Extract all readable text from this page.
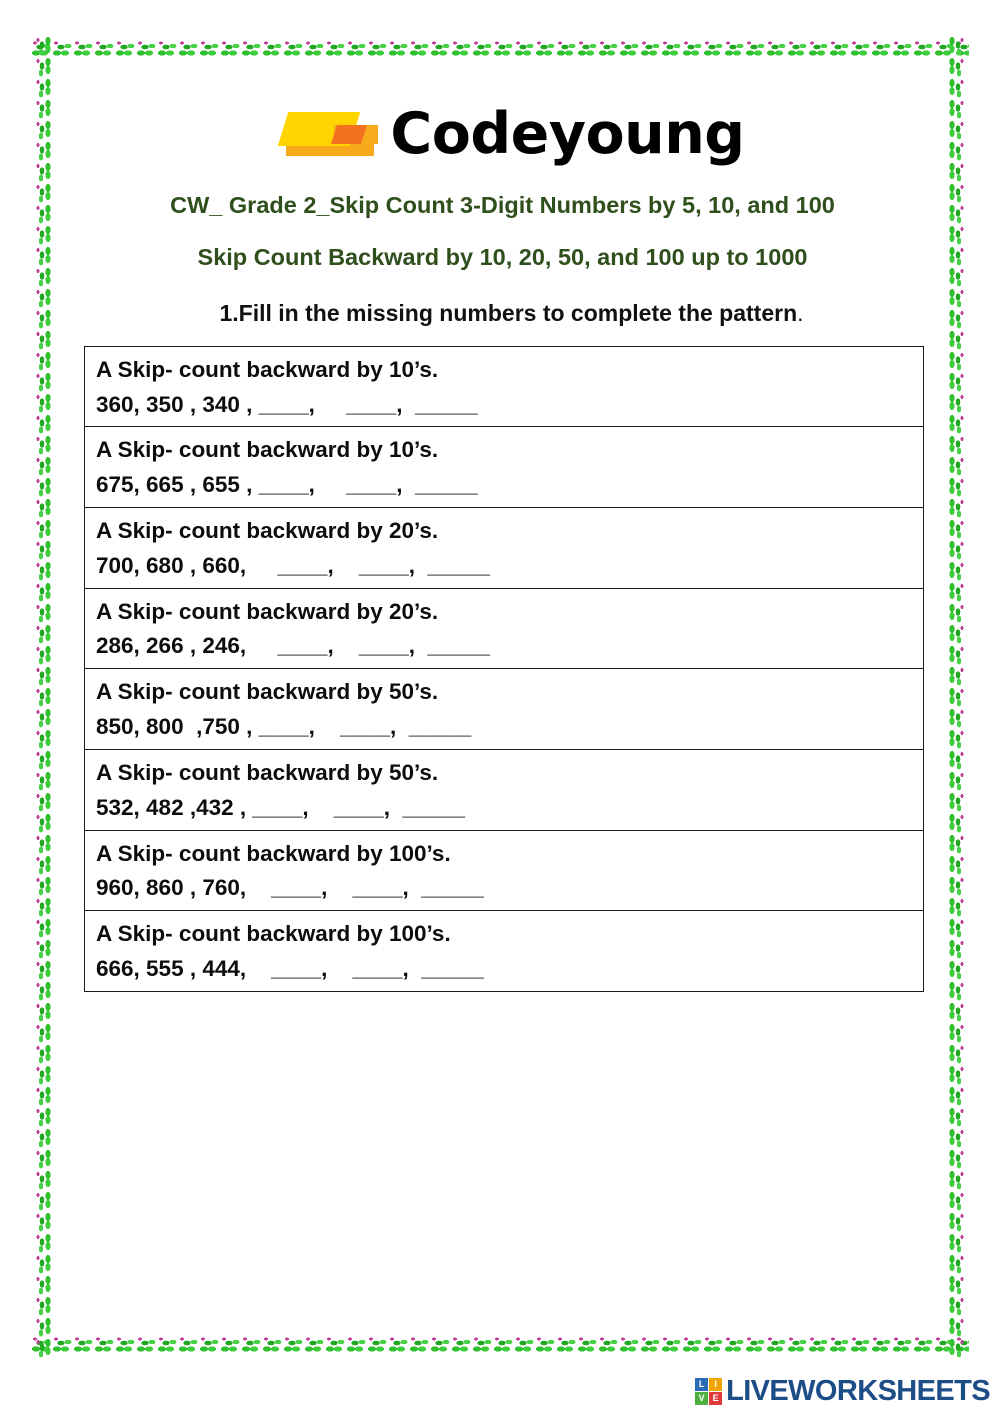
Codeyoung
CW_ Grade 2_Skip Count 3-Digit Numbers by 5, 10, and 100
Skip Count Backward by 10, 20, 50, and 100 up to 1000
1.Fill in the missing numbers to complete the pattern.
A Skip- count backward by 10’s.
360, 350 , 340 , ____,     ____,  _____

A Skip- count backward by 10’s.
675, 665 , 655 , ____,     ____,  _____

A Skip- count backward by 20’s.
700, 680 , 660,     ____,    ____,  _____

A Skip- count backward by 20’s.
286, 266 , 246,     ____,    ____,  _____

A Skip- count backward by 50’s.
850, 800  ,750 , ____,    ____,  _____

A Skip- count backward by 50’s.
532, 482 ,432 , ____,    ____,  _____

A Skip- count backward by 100’s.
960, 860 , 760,    ____,    ____,  _____

A Skip- count backward by 100’s.
666, 555 , 444,    ____,    ____,  _____
L	I
V E LIVEWORKSHEETS
